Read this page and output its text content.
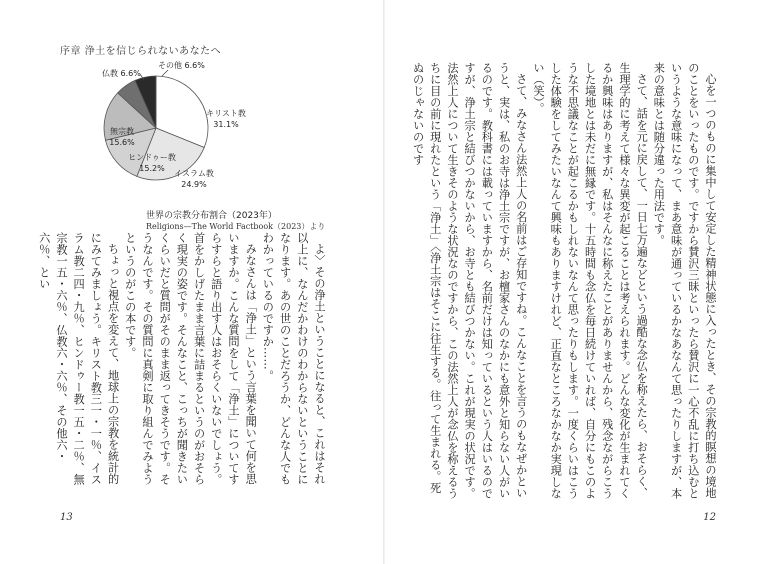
序章 浄土を信じられないあなたへ
キリスト教
31.1%
イスラム教
24.9%
ヒンドゥー教
15.2%
無宗教
15.6%
仏教 6.6%
その他 6.6%
世界の宗教分布割合（2023年）
Religions—The World Factbook（2023）より

よ〉その浄土ということになると、これはそれ以上に、なんだかわけのわからないということになります。あの世のことだろうか、どんな人でもわかっているのですか……。

みなさんは「浄土」という言葉を聞いて何を思いますか。こんな質問をして「浄土」についてすらすらと語り出す人はおそらくいないでしょう。首をかしげたまま言葉に詰まるというのがおそらく現実の姿です。そんなこと、こっちが聞きたいくらいだと質問がそのまま返ってきそうです。そうなんです。その質問に真剣に取り組んでみようというのがこの本です。

ちょっと視点を変えて、地球上の宗教を統計的にみてみましょう。キリスト教三一・一％、イスラム教二四・九％、ヒンドゥー教一五・二％、無宗教一五・六％、仏教六・六％、その他六・六％、とい

13

心を一つのものに集中して安定した精神状態に入ったとき、その宗教的瞑想の境地のことをいったものです。ですから賛沢三昧といったら賛沢に一心不乱に打ち込むというような意味になって、まあ意味が通っているかなあなんて思ったりしますが、本来の意味とは随分違った用法です。

さて、話を元に戻して、一日七万遍などという過酷な念仏を称えたら、おそらく、生理学的に考えて様々な異変が起こることは考えられます。どんな変化が生まれてくるか興味はありますが、私はそんなに称えたことがありませんから、残念ながらこうした境地とは未だに無縁です。十五時間も念仏を毎日続けていれば、自分にもこのような不思議なことが起こるかもしれないなんて思ったりもします。一度くらいはこうした体験をしてみたいなんて興味もありますけれど、正直なところなかなか実現しない（笑）。

さて、みなさん法然上人の名前はご存知ですね。こんなことを言うのもなぜかというと、実は、私のお寺は浄土宗ですが、お檀家さんのなかにも意外と知らない人がいるのです。教科書には載っていますから、名前だけは知っているという人はいるのですが、浄土宗と結びつかないから、お寺とも結びつかない。これが現実の状況です。法然上人について生きそのような状況なのですから、この法然上人が念仏を称えるうちに目の前に現れたという「浄土」〈浄土宗はそこに往生する。往って生まれる。死ぬのじゃないのです

12
